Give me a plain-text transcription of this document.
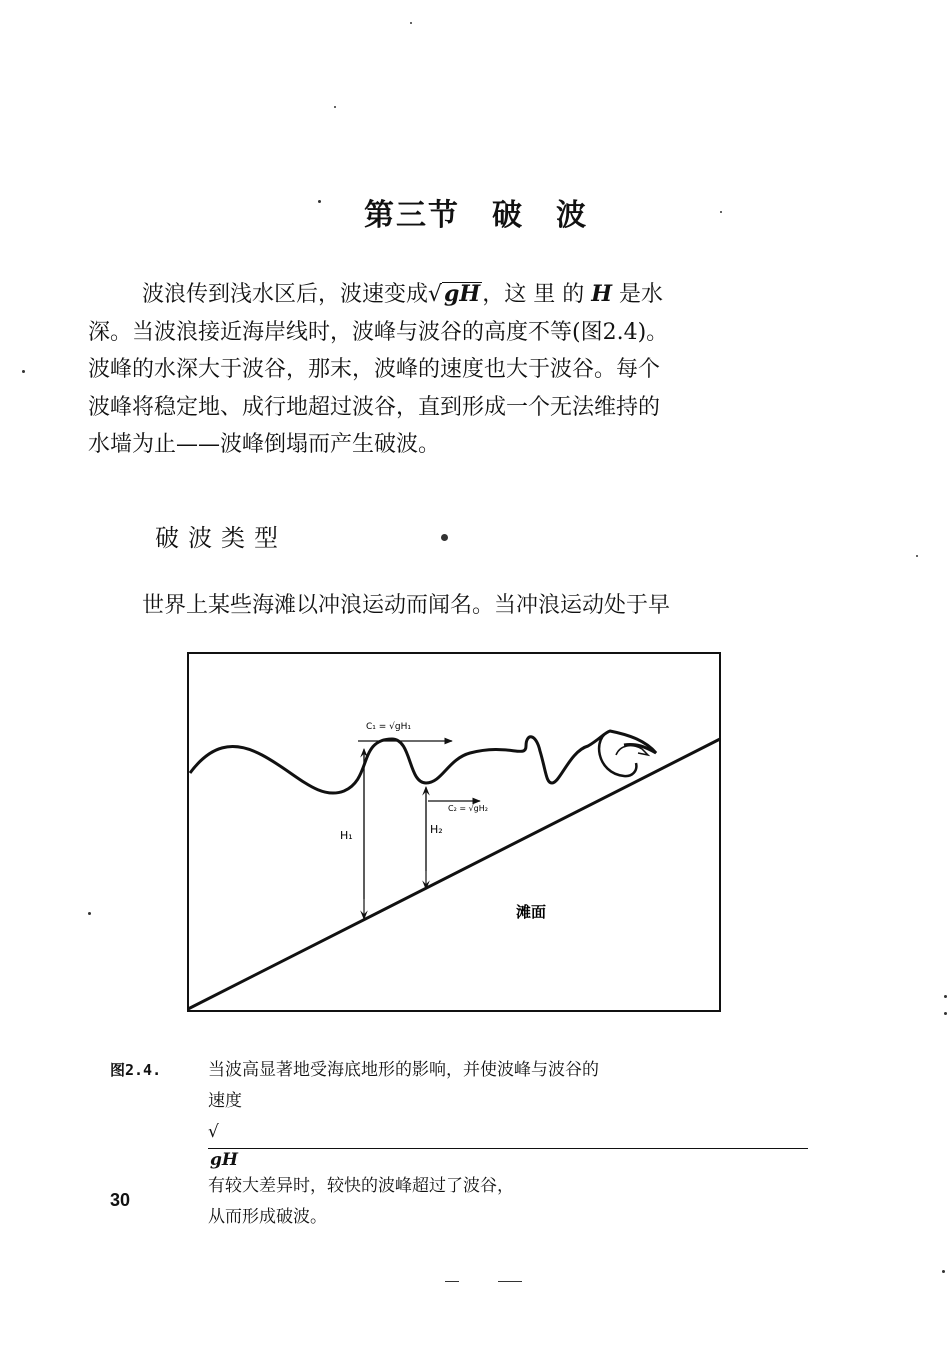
第三节　破　波
波浪传到浅水区后，波速变成√gH，这 里 的 H 是水
深。当波浪接近海岸线时，波峰与波谷的高度不等(图2.4)。
波峰的水深大于波谷，那末，波峰的速度也大于波谷。每个
波峰将稳定地、成行地超过波谷，直到形成一个无法维持的
水墙为止——波峰倒塌而产生破波。
破波类型
世界上某些海滩以冲浪运动而闻名。当冲浪运动处于早
C₁ = √gH₁
C₂ = √gH₂
H₁	H₂
滩面
图2.4.	当波高显著地受海底地形的影响，并使波峰与波谷的
速度
√
gH
有较大差异时，较快的波峰超过了波谷，
从而形成破波。
30
